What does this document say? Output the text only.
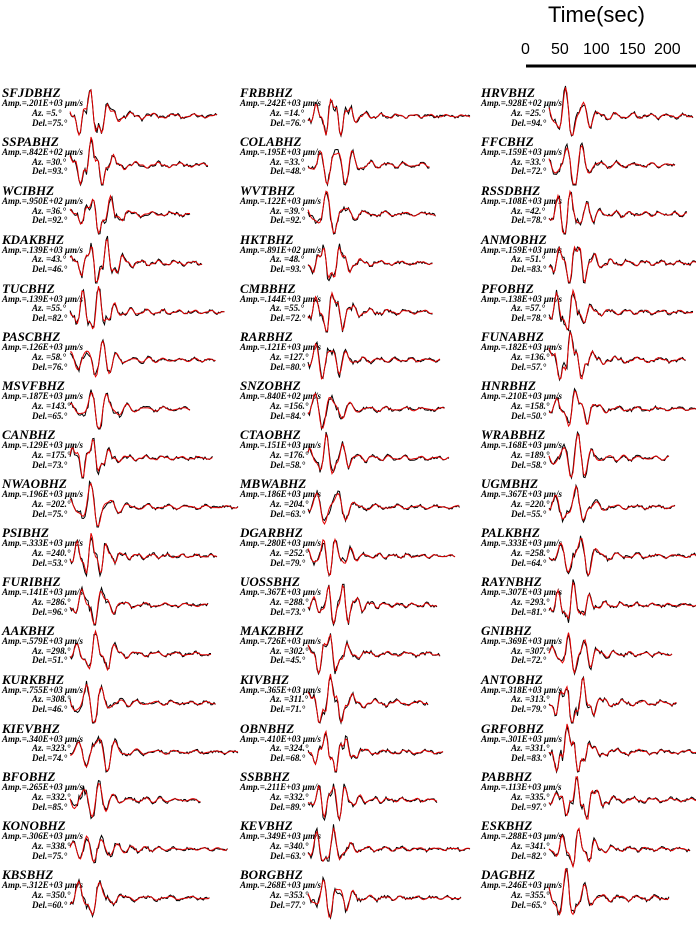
Time(sec)
0 50 100 150 200
SFJDBHZ
Amp.=.201E+03 μm/s
Az. =5.°
Del.=75.°
SSPABHZ
Amp.=.842E+02 μm/s
Az. =30.°
Del.=93.°
WCIBHZ
Amp.=.950E+02 μm/s
Az. =36.°
Del.=92.°
KDAKBHZ
Amp.=.139E+03 μm/s
Az. =43.°
Del.=46.°
TUCBHZ
Amp.=.139E+03 μm/s
Az. =55.°
Del.=82.°
PASCBHZ
Amp.=.126E+03 μm/s
Az. =58.°
Del.=76.°
MSVFBHZ
Amp.=.187E+03 μm/s
Az. =143.°
Del.=65.°
CANBHZ
Amp.=.129E+03 μm/s
Az. =175.°
Del.=73.°
NWAOBHZ
Amp.=.196E+03 μm/s
Az. =202.°
Del.=75.°
PSIBHZ
Amp.=.333E+03 μm/s
Az. =240.°
Del.=53.°
FURIBHZ
Amp.=.141E+03 μm/s
Az. =286.°
Del.=96.°
AAKBHZ
Amp.=.579E+03 μm/s
Az. =298.°
Del.=51.°
KURKBHZ
Amp.=.755E+03 μm/s
Az. =308.°
Del.=46.°
KIEVBHZ
Amp.=.340E+03 μm/s
Az. =323.°
Del.=74.°
BFOBHZ
Amp.=.265E+03 μm/s
Az. =332.°
Del.=85.°
KONOBHZ
Amp.=.306E+03 μm/s
Az. =338.°
Del.=75.°
KBSBHZ
Amp.=.312E+03 μm/s
Az. =350.°
Del.=60.°
FRBBHZ
Amp.=.242E+03 μm/s
Az. =14.°
Del.=76.°
COLABHZ
Amp.=.195E+03 μm/s
Az. =33.°
Del.=48.°
WVTBHZ
Amp.=.122E+03 μm/s
Az. =39.°
Del.=92.°
HKTBHZ
Amp.=.891E+02 μm/s
Az. =48.°
Del.=93.°
CMBBHZ
Amp.=.144E+03 μm/s
Az. =55.°
Del.=72.°
RARBHZ
Amp.=.121E+03 μm/s
Az. =127.°
Del.=80.°
SNZOBHZ
Amp.=.840E+02 μm/s
Az. =156.°
Del.=84.°
CTAOBHZ
Amp.=.151E+03 μm/s
Az. =176.°
Del.=58.°
MBWABHZ
Amp.=.186E+03 μm/s
Az. =204.°
Del.=63.°
DGARBHZ
Amp.=.280E+03 μm/s
Az. =252.°
Del.=79.°
UOSSBHZ
Amp.=.367E+03 μm/s
Az. =288.°
Del.=73.°
MAKZBHZ
Amp.=.726E+03 μm/s
Az. =302.°
Del.=45.°
KIVBHZ
Amp.=.365E+03 μm/s
Az. =311.°
Del.=71.°
OBNBHZ
Amp.=.410E+03 μm/s
Az. =324.°
Del.=68.°
SSBBHZ
Amp.=.211E+03 μm/s
Az. =332.°
Del.=89.°
KEVBHZ
Amp.=.349E+03 μm/s
Az. =340.°
Del.=63.°
BORGBHZ
Amp.=.268E+03 μm/s
Az. =353.°
Del.=77.°
HRVBHZ
Amp.=.928E+02 μm/s
Az. =25.°
Del.=94.°
FFCBHZ
Amp.=.159E+03 μm/s
Az. =33.°
Del.=72.°
RSSDBHZ
Amp.=.108E+03 μm/s
Az. =42.°
Del.=78.°
ANMOBHZ
Amp.=.159E+03 μm/s
Az. =51.°
Del.=83.°
PFOBHZ
Amp.=.138E+03 μm/s
Az. =57.°
Del.=78.°
FUNABHZ
Amp.=.182E+03 μm/s
Az. =136.°
Del.=57.°
HNRBHZ
Amp.=.210E+03 μm/s
Az. =158.°
Del.=50.°
WRABBHZ
Amp.=.168E+03 μm/s
Az. =189.°
Del.=58.°
UGMBHZ
Amp.=.367E+03 μm/s
Az. =220.°
Del.=55.°
PALKBHZ
Amp.=.333E+03 μm/s
Az. =258.°
Del.=64.°
RAYNBHZ
Amp.=.307E+03 μm/s
Az. =293.°
Del.=81.°
GNIBHZ
Amp.=.369E+03 μm/s
Az. =307.°
Del.=72.°
ANTOBHZ
Amp.=.318E+03 μm/s
Az. =313.°
Del.=79.°
GRFOBHZ
Amp.=.301E+03 μm/s
Az. =331.°
Del.=83.°
PABBHZ
Amp.=.113E+03 μm/s
Az. =335.°
Del.=97.°
ESKBHZ
Amp.=.288E+03 μm/s
Az. =341.°
Del.=82.°
DAGBHZ
Amp.=.246E+03 μm/s
Az. =355.°
Del.=65.°
